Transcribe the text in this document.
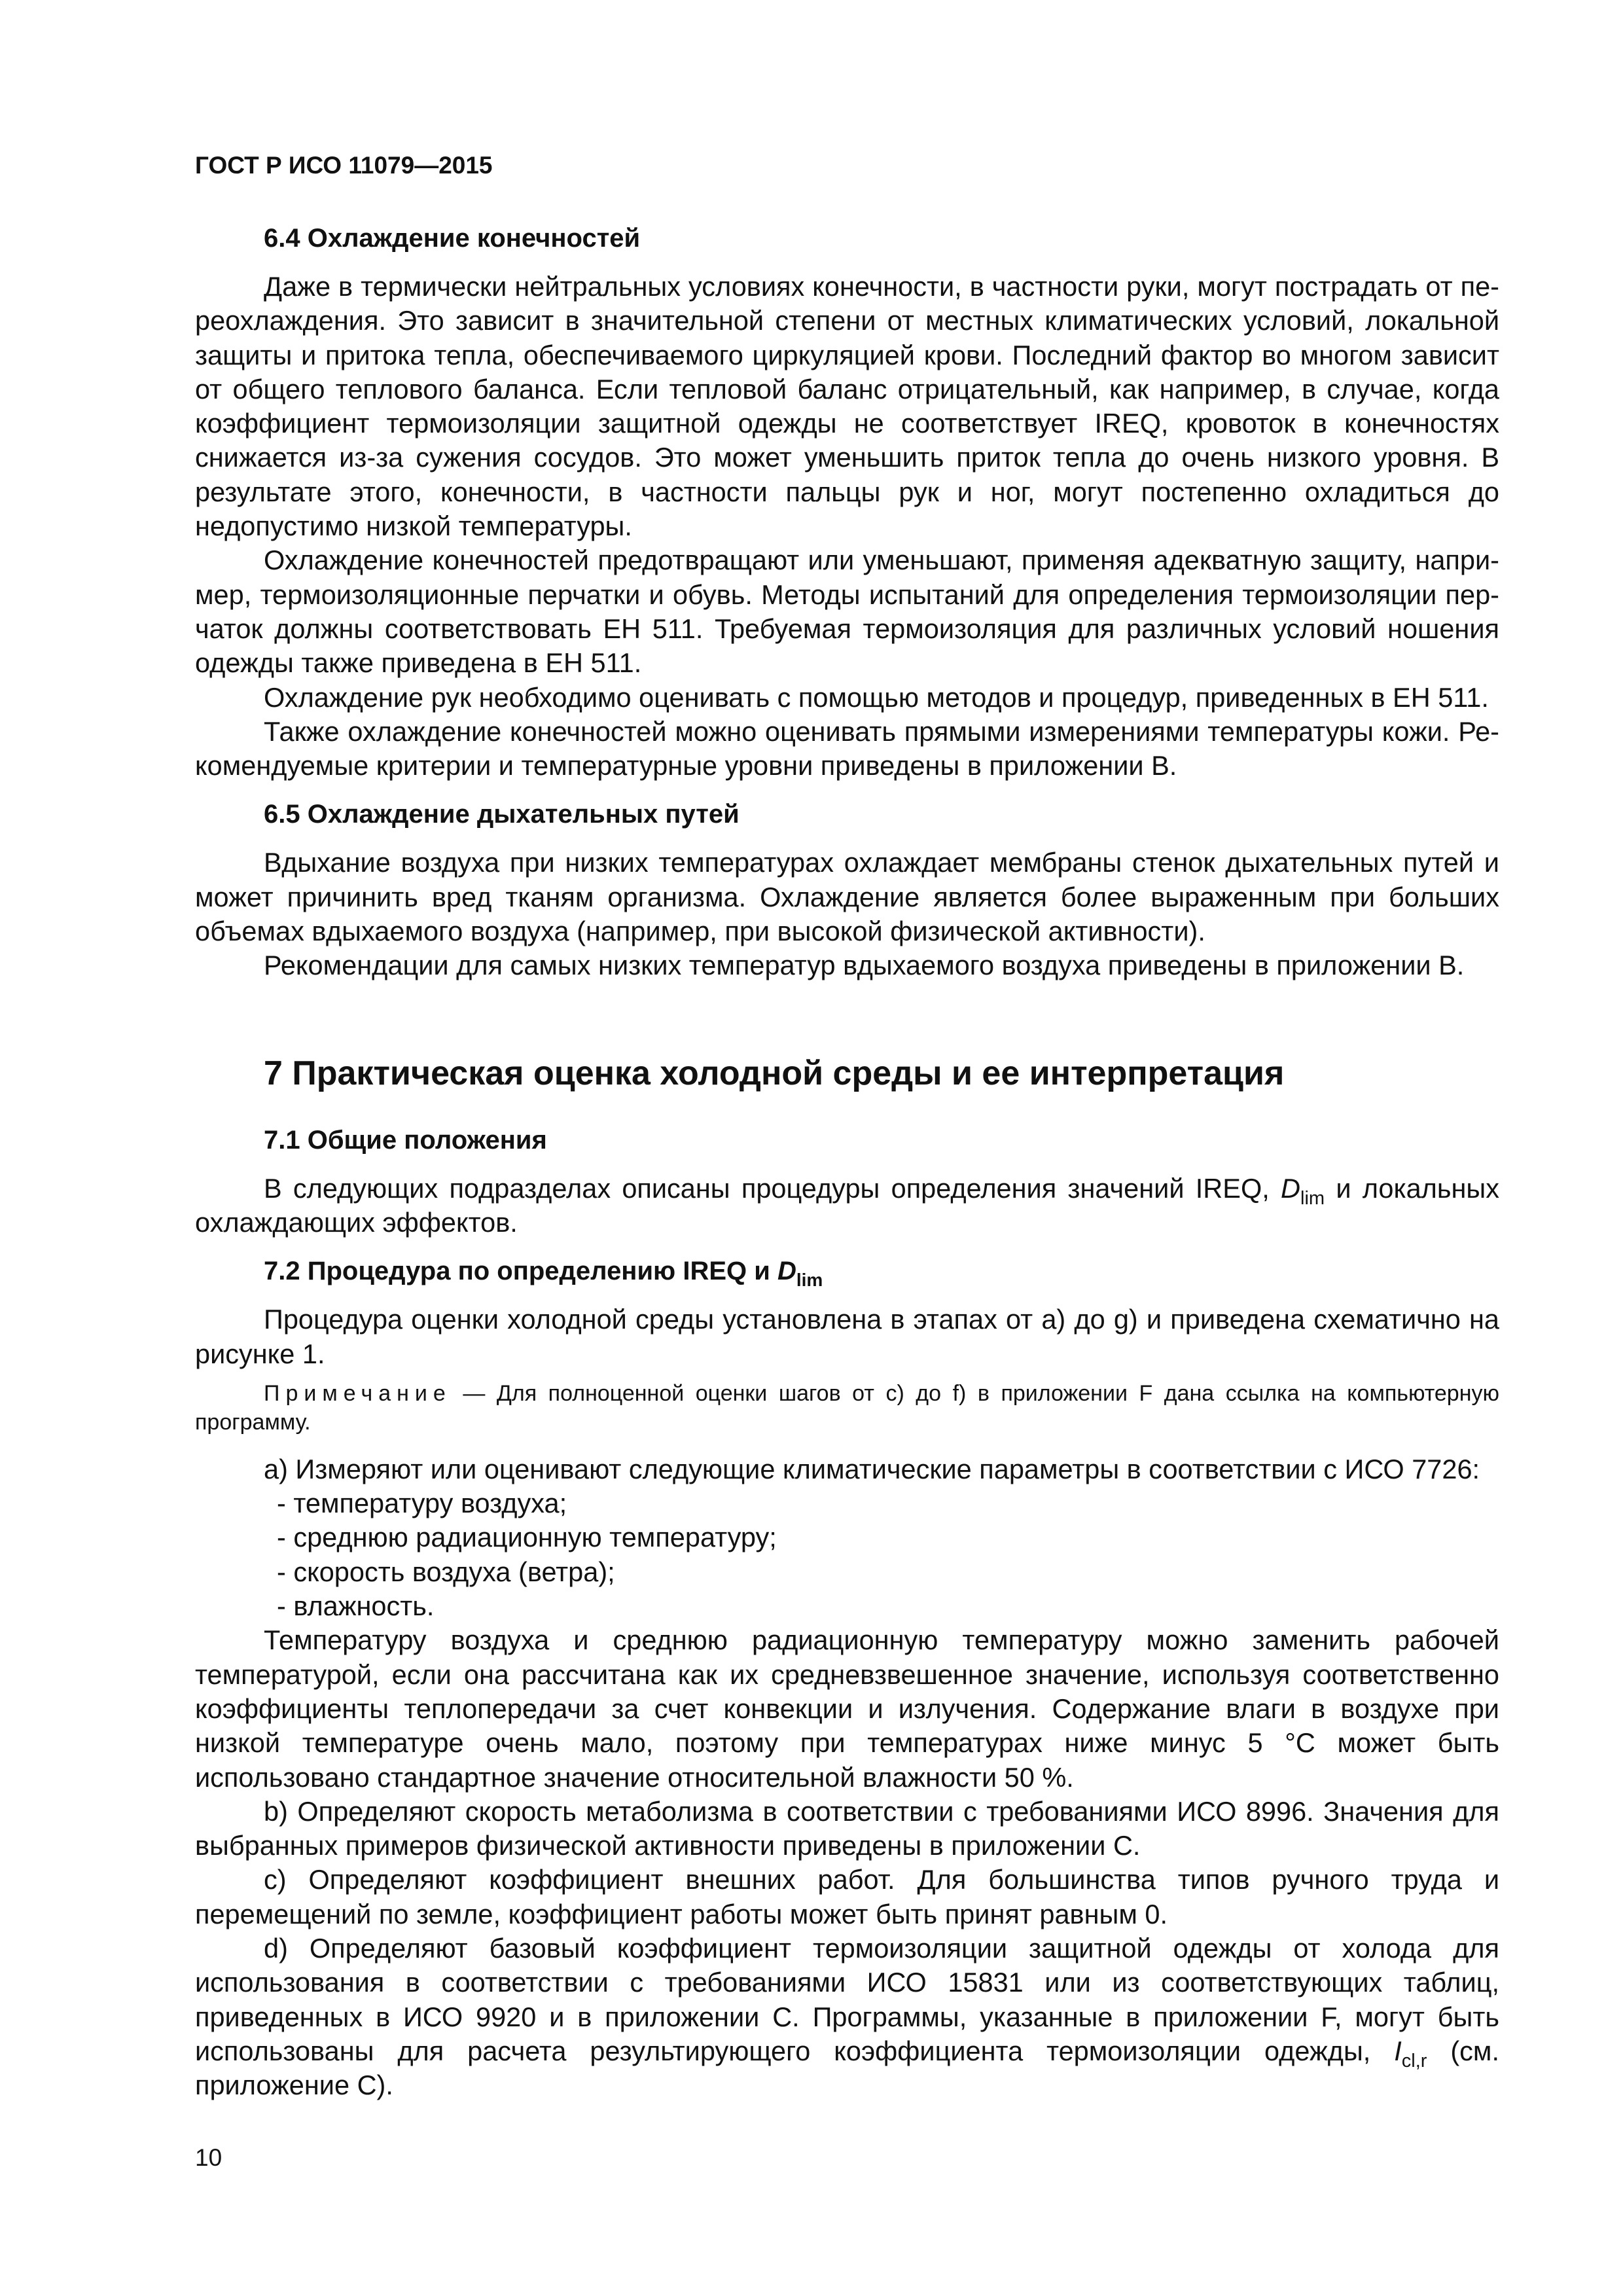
ГОСТ Р ИСО 11079—2015
6.4 Охлаждение конечностей

Даже в термически нейтральных условиях конечности, в частности руки, могут пострадать от переохлаждения. Это зависит в значительной степени от местных климатических условий, локальной защиты и притока тепла, обеспечиваемого циркуляцией крови. Последний фактор во многом зависит от общего теплового баланса. Если тепловой баланс отрицательный, как например, в случае, когда коэффициент термоизоляции защитной одежды не соответствует IREQ, кровоток в конечностях снижается из-за сужения сосудов. Это может уменьшить приток тепла до очень низкого уровня. В результате этого, конечности, в частности пальцы рук и ног, могут постепенно охладиться до недопустимо низкой температуры.

Охлаждение конечностей предотвращают или уменьшают, применяя адекватную защиту, например, термоизоляционные перчатки и обувь. Методы испытаний для определения термоизоляции перчаток должны соответствовать ЕН 511. Требуемая термоизоляция для различных условий ношения одежды также приведена в ЕН 511.

Охлаждение рук необходимо оценивать с помощью методов и процедур, приведенных в ЕН 511.

Также охлаждение конечностей можно оценивать прямыми измерениями температуры кожи. Рекомендуемые критерии и температурные уровни приведены в приложении В.

6.5 Охлаждение дыхательных путей

Вдыхание воздуха при низких температурах охлаждает мембраны стенок дыхательных путей и может причинить вред тканям организма. Охлаждение является более выраженным при больших объемах вдыхаемого воздуха (например, при высокой физической активности).

Рекомендации для самых низких температур вдыхаемого воздуха приведены в приложении В.

7 Практическая оценка холодной среды и ее интерпретация
7.1 Общие положения

В следующих подразделах описаны процедуры определения значений IREQ, $D_{lim}$ и локальных охлаждающих эффектов.

7.2 Процедура по определению IREQ и $D_{lim}$

Процедура оценки холодной среды установлена в этапах от а) до g) и приведена схематично на рисунке 1.

Примечание — Для полноценной оценки шагов от с) до f) в приложении F дана ссылка на компьютерную программу.

а) Измеряют или оценивают следующие климатические параметры в соответствии с ИСО 7726:

- температуру воздуха;

- среднюю радиационную температуру;

- скорость воздуха (ветра);

- влажность.

Температуру воздуха и среднюю радиационную температуру можно заменить рабочей температурой, если она рассчитана как их средневзвешенное значение, используя соответственно коэффициенты теплопередачи за счет конвекции и излучения. Содержание влаги в воздухе при низкой температуре очень мало, поэтому при температурах ниже минус 5 °С может быть использовано стандартное значение относительной влажности 50 %.

b) Определяют скорость метаболизма в соответствии с требованиями ИСО 8996. Значения для выбранных примеров физической активности приведены в приложении С.

с) Определяют коэффициент внешних работ. Для большинства типов ручного труда и перемещений по земле, коэффициент работы может быть принят равным 0.

d) Определяют базовый коэффициент термоизоляции защитной одежды от холода для использования в соответствии с требованиями ИСО 15831 или из соответствующих таблиц, приведенных в ИСО 9920 и в приложении С. Программы, указанные в приложении F, могут быть использованы для расчета результирующего коэффициента термоизоляции одежды, $I_{cl,r}$ (см. приложение С).

10
